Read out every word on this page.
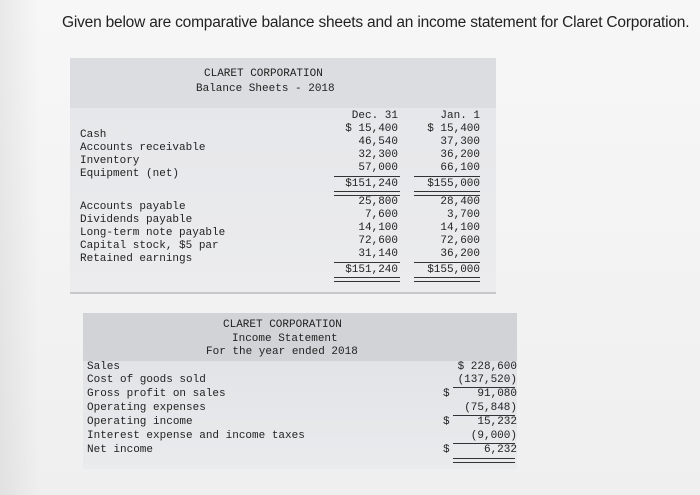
Given below are comparative balance sheets and an income statement for Claret Corporation.
CLARET CORPORATION
Balance Sheets - 2018
Dec. 31	Jan. 1
Cash	$ 15,400	$ 15,400
Accounts receivable	46,540	37,300
Inventory	32,300	36,200
Equipment (net)	57,000	66,100
$151,240	$155,000
Accounts payable	25,800	28,400
Dividends payable	7,600	3,700
Long-term note payable	14,100	14,100
Capital stock, $5 par	72,600	72,600
Retained earnings	31,140	36,200
$151,240	$155,000
CLARET CORPORATION
Income Statement
For the year ended 2018
Sales	$ 228,600
Cost of goods sold	(137,520)
Gross profit on sales	$	91,080
Operating expenses	(75,848)
Operating income	$	15,232
Interest expense and income taxes	(9,000)
Net income	$	6,232
